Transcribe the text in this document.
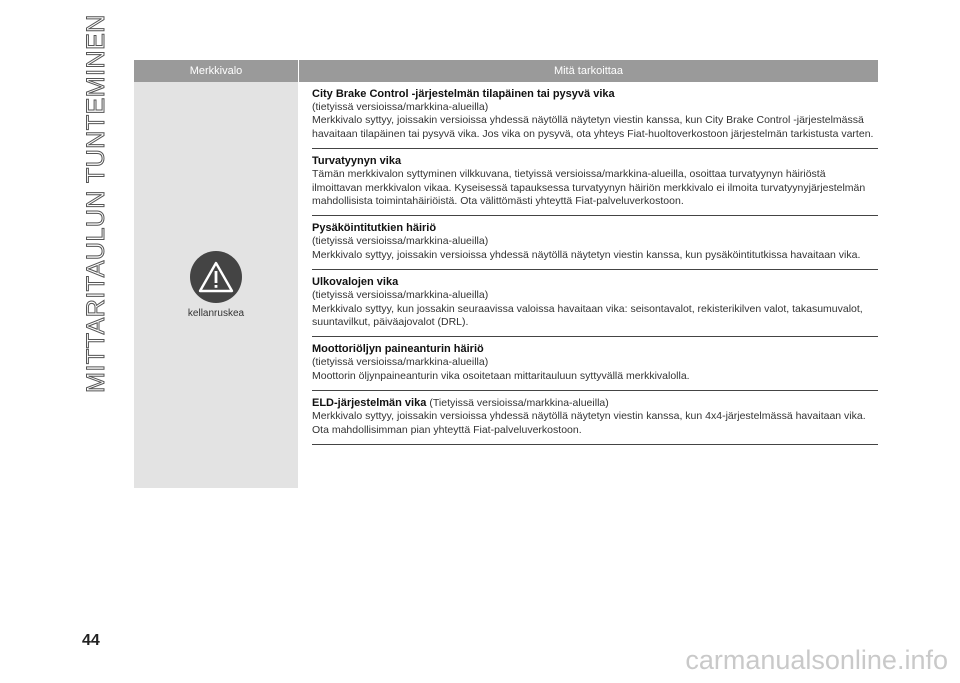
MITTARITAULUN TUNTEMINEN	Merkkivalo	Mitä tarkoittaa
kellanruskea
City Brake Control -järjestelmän tilapäinen tai pysyvä vika
(tietyissä versioissa/markkina-alueilla)
Merkkivalo syttyy, joissakin versioissa yhdessä näytöllä näytetyn viestin kanssa, kun City Brake Control -järjestelmässä havaitaan tilapäinen tai pysyvä vika. Jos vika on pysyvä, ota yhteys Fiat-huoltoverkostoon järjestelmän tarkistusta varten.
Turvatyynyn vika
Tämän merkkivalon syttyminen vilkkuvana, tietyissä versioissa/markkina-alueilla, osoittaa turvatyynyn häiriöstä ilmoittavan merkkivalon vikaa. Kyseisessä tapauksessa turvatyynyn häiriön merkkivalo ei ilmoita turvatyynyjärjestelmän mahdollisista toimintahäiriöistä. Ota välittömästi yhteyttä Fiat-palveluverkostoon.
Pysäköintitutkien häiriö
(tietyissä versioissa/markkina-alueilla)
Merkkivalo syttyy, joissakin versioissa yhdessä näytöllä näytetyn viestin kanssa, kun pysäköintitutkissa havaitaan vika.
Ulkovalojen vika
(tietyissä versioissa/markkina-alueilla)
Merkkivalo syttyy, kun jossakin seuraavissa valoissa havaitaan vika: seisontavalot, rekisterikilven valot, takasumuvalot, suuntavilkut, päiväajovalot (DRL).
Moottoriöljyn paineanturin häiriö
(tietyissä versioissa/markkina-alueilla)
Moottorin öljynpaineanturin vika osoitetaan mittaritauluun syttyvällä merkkivalolla.
ELD-järjestelmän vika (Tietyissä versioissa/markkina-alueilla)
Merkkivalo syttyy, joissakin versioissa yhdessä näytöllä näytetyn viestin kanssa, kun 4x4-järjestelmässä havaitaan vika. Ota mahdollisimman pian yhteyttä Fiat-palveluverkostoon.
44
carmanualsonline.info
